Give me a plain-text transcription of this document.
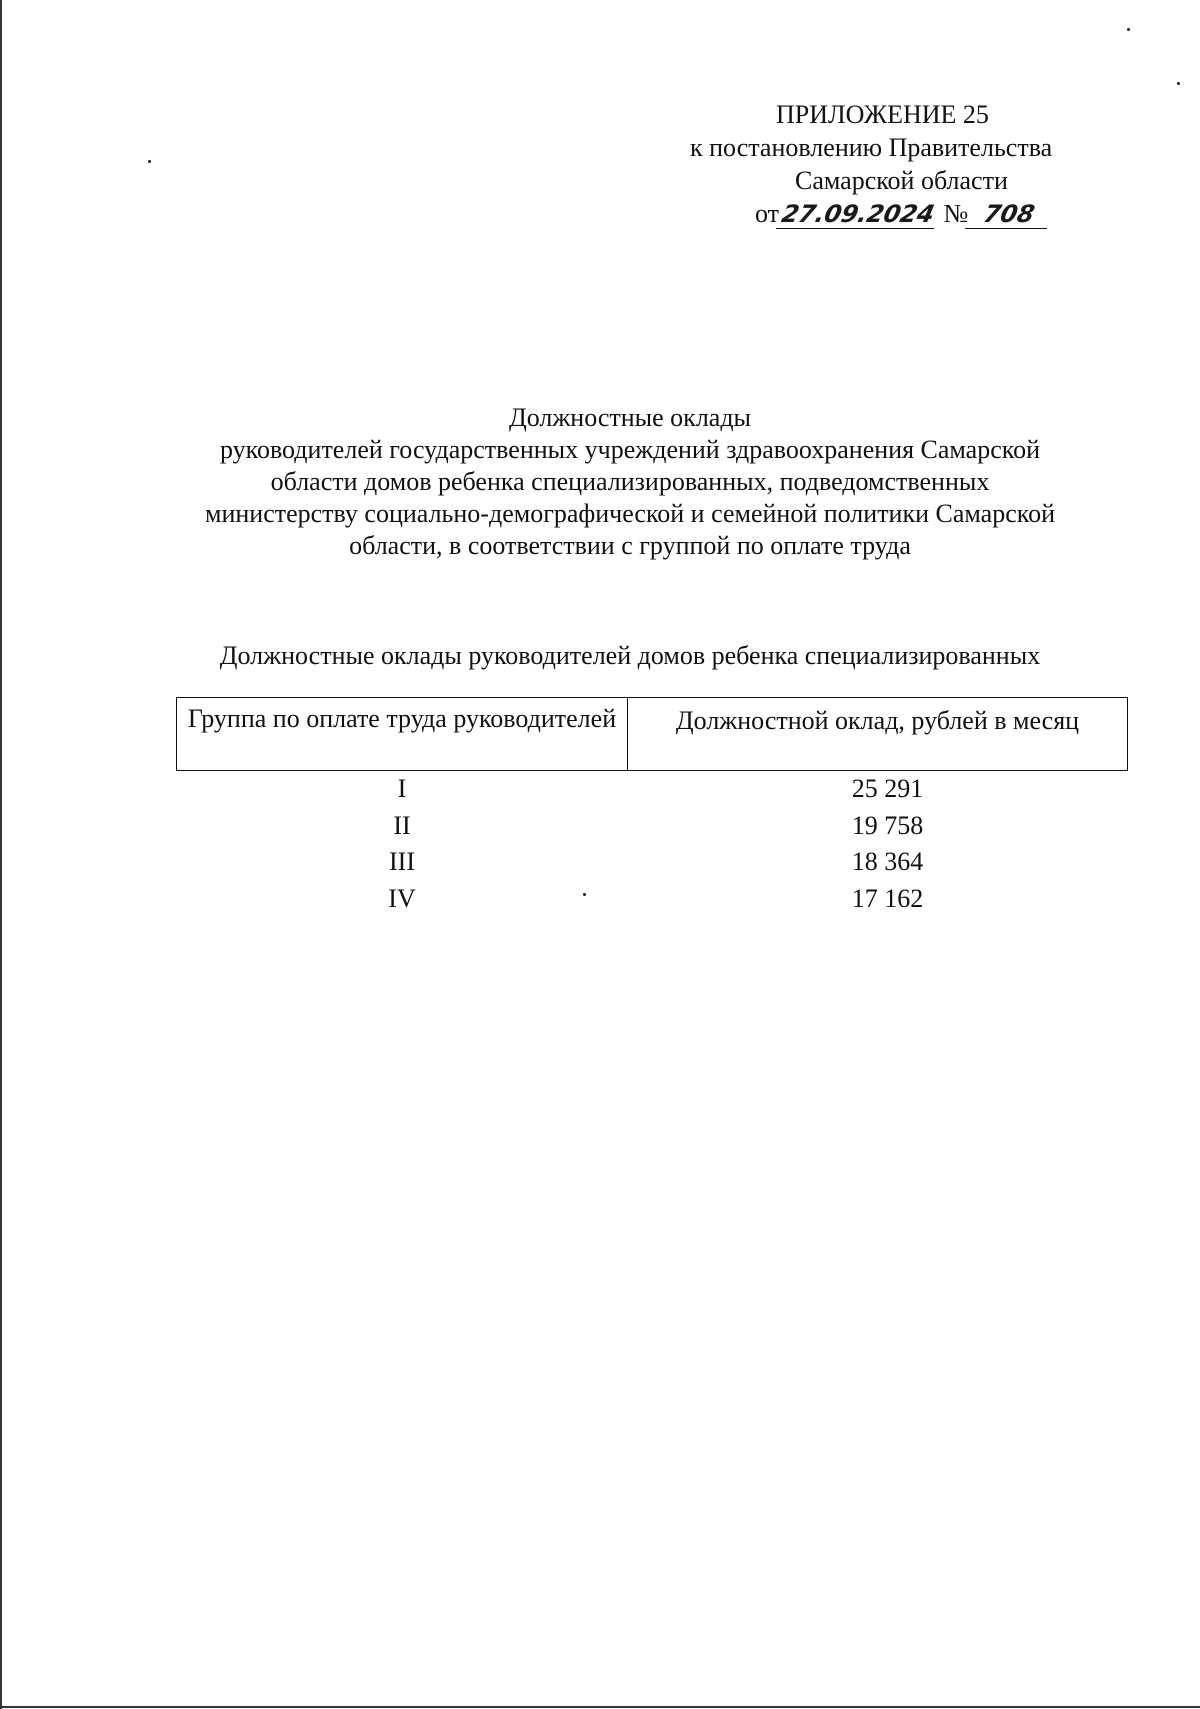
ПРИЛОЖЕНИЕ 25
к постановлению Правительства
Самарской области
от27.09.2024 № 708
Должностные оклады
руководителей государственных учреждений здравоохранения Самарской
области домов ребенка специализированных, подведомственных
министерству социально-демографической и семейной политики Самарской
области, в соответствии с группой по оплате труда
Должностные оклады руководителей домов ребенка специализированных
Группа по оплате труда руководителей	Должностной оклад, рублей в месяц
I	25 291
II	19 758
III	18 364
IV	17 162
